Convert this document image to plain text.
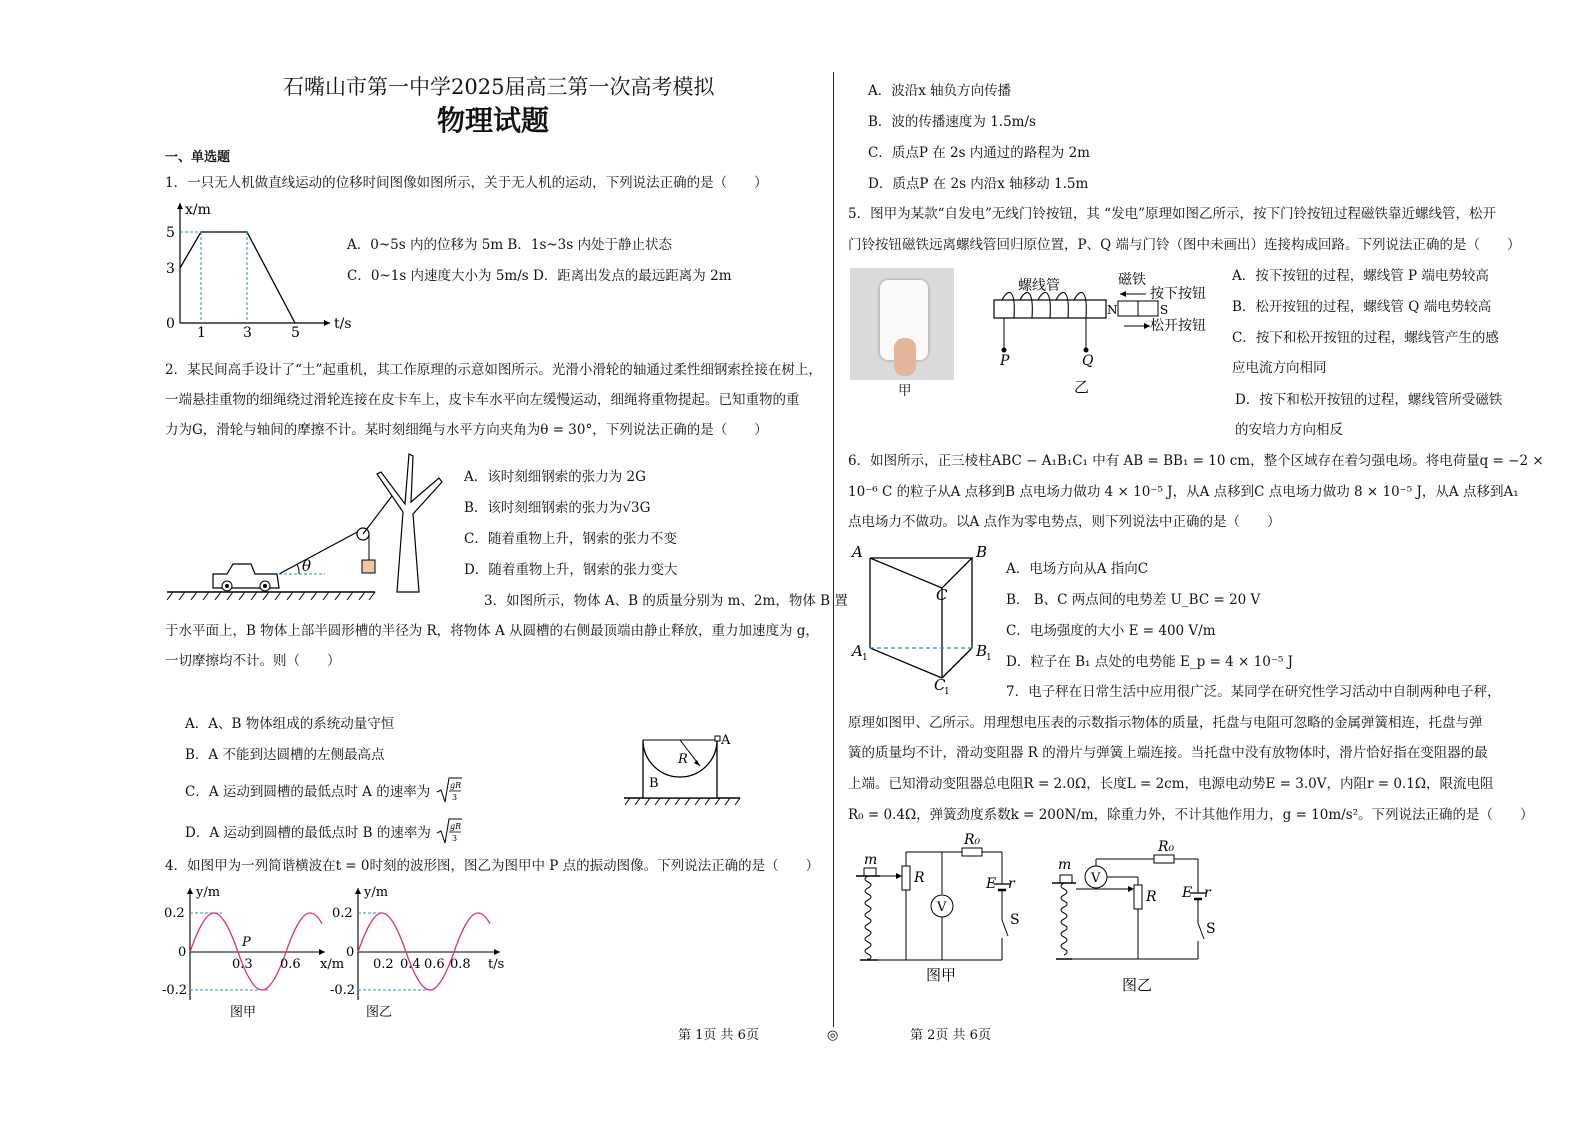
石嘴山市第一中学2025届高三第一次高考模拟
物理试题
一、单选题
1．一只无人机做直线运动的位移时间图像如图所示，关于无人机的运动，下列说法正确的是（　　）
x/m
t/s
5
3
0
1	3	5
A．0~5s 内的位移为 5m B．1s~3s 内处于静止状态
C．0~1s 内速度大小为 5m/s D．距离出发点的最远距离为 2m
2．某民间高手设计了“土”起重机，其工作原理的示意如图所示。光滑小滑轮的轴通过柔性细钢索拴接在树上，
一端悬挂重物的细绳绕过滑轮连接在皮卡车上，皮卡车水平向左缓慢运动，细绳将重物提起。已知重物的重
力为G，滑轮与轴间的摩擦不计。某时刻细绳与水平方向夹角为θ = 30°，下列说法正确的是（　　）
θ
A．该时刻细钢索的张力为 2G
B．该时刻细钢索的张力为√3G
C．随着重物上升，钢索的张力不变
D．随着重物上升，钢索的张力变大
3．如图所示，物体 A、B 的质量分别为 m、2m，物体 B 置
于水平面上，B 物体上部半圆形槽的半径为 R，将物体 A 从圆槽的右侧最顶端由静止释放，重力加速度为 g，
一切摩擦均不计。则（　　）
A．A、B 物体组成的系统动量守恒
B．A 不能到达圆槽的左侧最高点
C．A 运动到圆槽的最低点时 A 的速率为 gR
3
D．A 运动到圆槽的最低点时 B 的速率为 gR
3
A
B
R
4．如图甲为一列简谐横波在t = 0时刻的波形图，图乙为图甲中 P 点的振动图像。下列说法正确的是（　　）
y/m
x/m
0.2
0
-0.2
0.3 0.6
P
图甲
y/m
t/s
0.2
0
-0.2
0.2 0.4 0.6 0.8
图乙
第 1页 共 6页	◎
A．波沿x 轴负方向传播
B．波的传播速度为 1.5m/s
C．质点P 在 2s 内通过的路程为 2m
D．质点P 在 2s 内沿x 轴移动 1.5m
5．图甲为某款“自发电”无线门铃按钮，其 “发电”原理如图乙所示，按下门铃按钮过程磁铁靠近螺线管，松开
门铃按钮磁铁远离螺线管回归原位置，P、Q 端与门铃（图中未画出）连接构成回路。下列说法正确的是（　　）
甲
螺线管
N	S
磁铁
按下按钮
松开按钮
P	Q
乙
A．按下按钮的过程，螺线管 P 端电势较高
B．松开按钮的过程，螺线管 Q 端电势较高
C．按下和松开按钮的过程，螺线管产生的感
应电流方向相同
D．按下和松开按钮的过程，螺线管所受磁铁
的安培力方向相反
6．如图所示，正三棱柱ABC − A₁B₁C₁ 中有 AB = BB₁ = 10 cm，整个区域存在着匀强电场。将电荷量q = −2 ×
10⁻⁶ C 的粒子从A 点移到B 点电场力做功 4 × 10⁻⁵ J，从A 点移到C 点电场力做功 8 × 10⁻⁵ J，从A 点移到A₁
点电场力不做功。以A 点作为零电势点，则下列说法中正确的是（　　）
A	B
C
A 1	B
1
C
1
A．电场方向从A 指向C
B． B、C 两点间的电势差 U_BC = 20 V
C．电场强度的大小 E = 400 V/m
D．粒子在 B₁ 点处的电势能 E_p = 4 × 10⁻⁵ J
7．电子秤在日常生活中应用很广泛。某同学在研究性学习活动中自制两种电子秤，
原理如图甲、乙所示。用理想电压表的示数指示物体的质量，托盘与电阻可忽略的金属弹簧相连，托盘与弹
簧的质量均不计，滑动变阻器 R 的滑片与弹簧上端连接。当托盘中没有放物体时，滑片恰好指在变阻器的最
上端。已知滑动变阻器总电阻R = 2.0Ω，长度L = 2cm，电源电动势E = 3.0V，内阻r = 0.1Ω，限流电阻
R₀ = 0.4Ω，弹簧劲度系数k = 200N/m，除重力外，不计其他作用力，g = 10m/s²。下列说法正确的是（　　）
m
R
R₀
E r
S
V
图甲
m
V
R
R₀
E r
S
图乙
第 2页 共 6页
